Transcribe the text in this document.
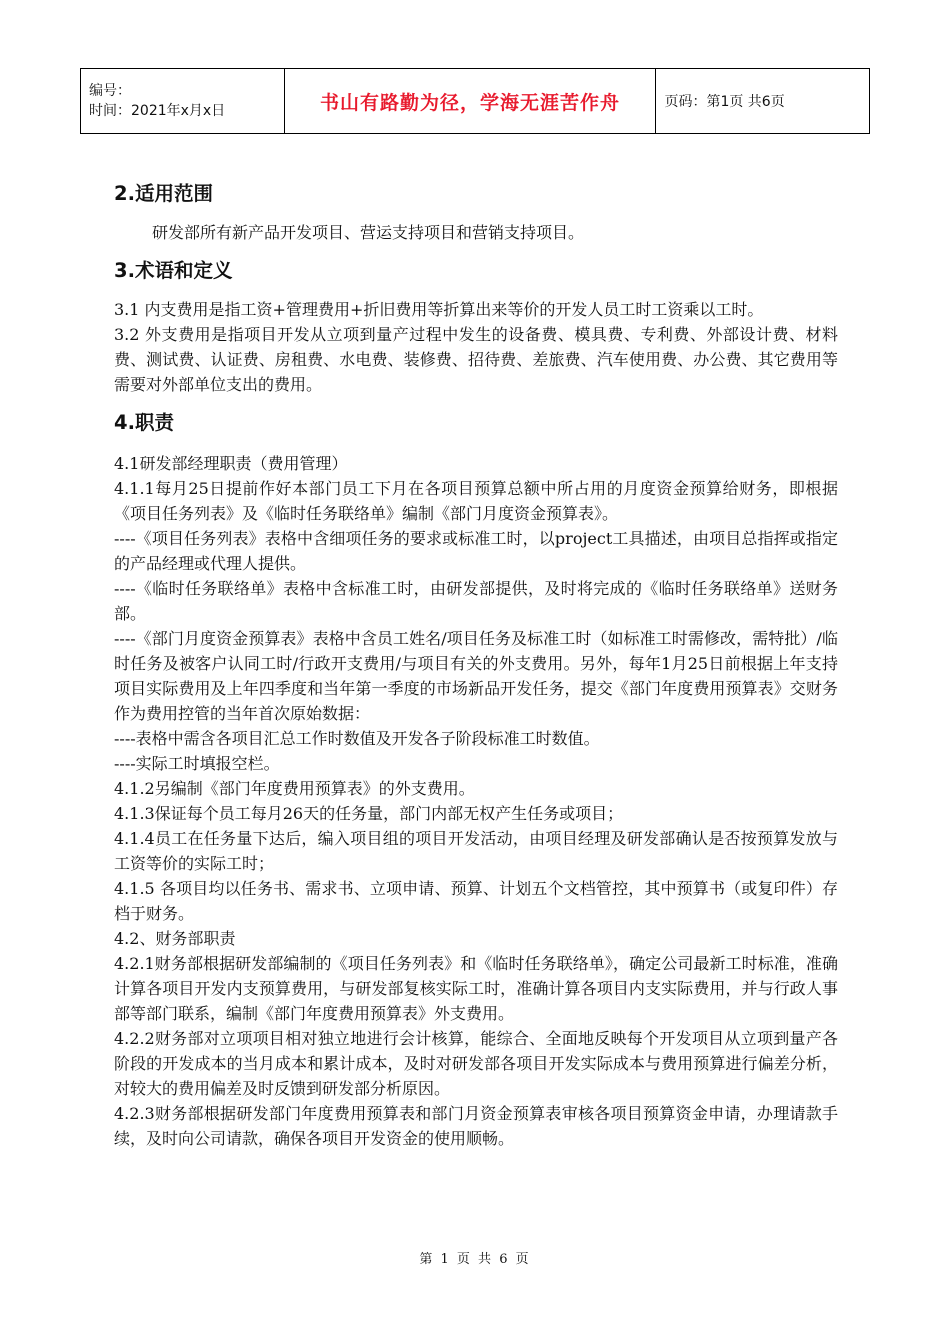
编号：
时间：2021年x月x日	书山有路勤为径，学海无涯苦作舟	页码：第1页 共6页
2.适用范围

研发部所有新产品开发项目、营运支持项目和营销支持项目。

3.术语和定义

3.1 内支费用是指工资+管理费用+折旧费用等折算出来等价的开发人员工时工资乘以工时。

3.2 外支费用是指项目开发从立项到量产过程中发生的设备费、模具费、专利费、外部设计费、材料费、测试费、认证费、房租费、水电费、装修费、招待费、差旅费、汽车使用费、办公费、其它费用等需要对外部单位支出的费用。

4.职责

4.1研发部经理职责（费用管理）

4.1.1每月25日提前作好本部门员工下月在各项目预算总额中所占用的月度资金预算给财务，即根据《项目任务列表》及《临时任务联络单》编制《部门月度资金预算表》。

----《项目任务列表》表格中含细项任务的要求或标准工时，以project工具描述，由项目总指挥或指定的产品经理或代理人提供。

----《临时任务联络单》表格中含标准工时，由研发部提供，及时将完成的《临时任务联络单》送财务部。

----《部门月度资金预算表》表格中含员工姓名/项目任务及标准工时（如标准工时需修改，需特批）/临时任务及被客户认同工时/行政开支费用/与项目有关的外支费用。另外，每年1月25日前根据上年支持项目实际费用及上年四季度和当年第一季度的市场新品开发任务，提交《部门年度费用预算表》交财务作为费用控管的当年首次原始数据：

----表格中需含各项目汇总工作时数值及开发各子阶段标准工时数值。

----实际工时填报空栏。

4.1.2另编制《部门年度费用预算表》的外支费用。

4.1.3保证每个员工每月26天的任务量，部门内部无权产生任务或项目；

4.1.4员工在任务量下达后，编入项目组的项目开发活动，由项目经理及研发部确认是否按预算发放与工资等价的实际工时；

4.1.5 各项目均以任务书、需求书、立项申请、预算、计划五个文档管控，其中预算书（或复印件）存档于财务。

4.2、财务部职责

4.2.1财务部根据研发部编制的《项目任务列表》和《临时任务联络单》，确定公司最新工时标准，准确计算各项目开发内支预算费用，与研发部复核实际工时，准确计算各项目内支实际费用，并与行政人事部等部门联系，编制《部门年度费用预算表》外支费用。

4.2.2财务部对立项项目相对独立地进行会计核算，能综合、全面地反映每个开发项目从立项到量产各阶段的开发成本的当月成本和累计成本，及时对研发部各项目开发实际成本与费用预算进行偏差分析，对较大的费用偏差及时反馈到研发部分析原因。

4.2.3财务部根据研发部门年度费用预算表和部门月资金预算表审核各项目预算资金申请，办理请款手续，及时向公司请款，确保各项目开发资金的使用顺畅。

第 1 页 共 6 页
